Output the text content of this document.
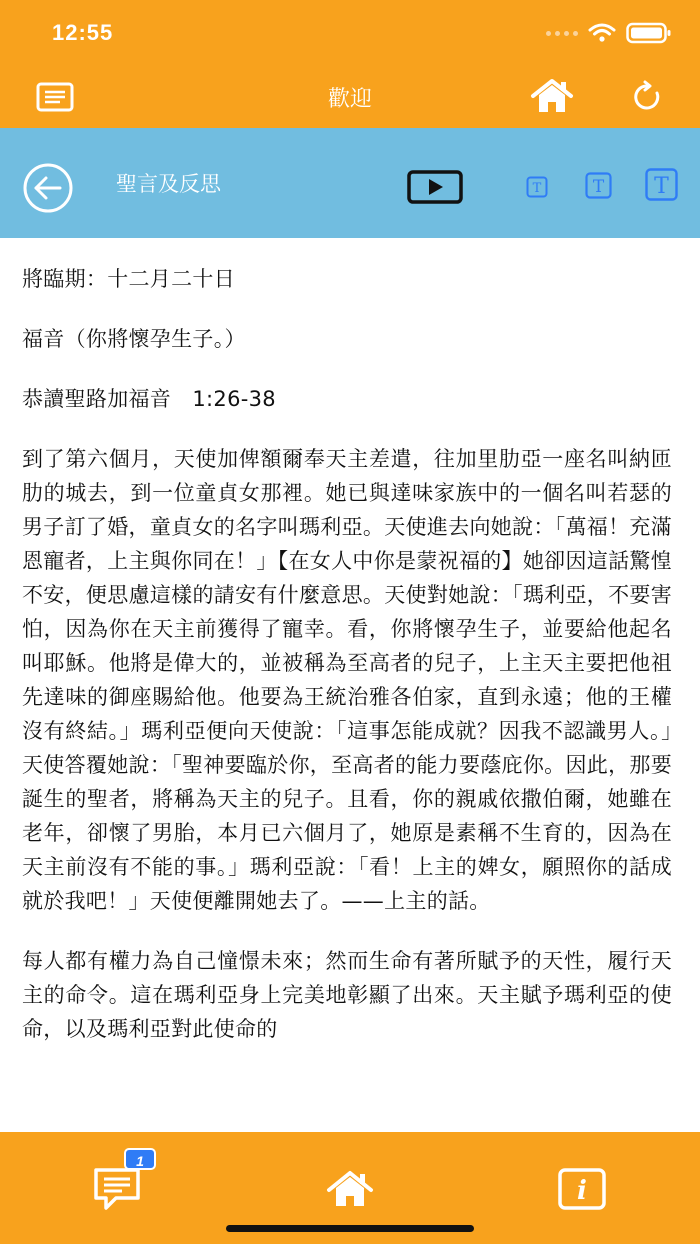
12:55
歡迎
聖言及反思	T	T T

將臨期：十二月二十日

福音（你將懷孕生子。）

恭讀聖路加福音　1:26-38

到了第六個月，天使加俾額爾奉天主差遣，往加里肋亞一座名叫納匝肋的城去，到一位童貞女那裡。她已與達味家族中的一個名叫若瑟的男子訂了婚，童貞女的名字叫瑪利亞。天使進去向她說：「萬福！充滿恩寵者，上主與你同在！」【在女人中你是蒙祝福的】她卻因這話驚惶不安，便思慮這樣的請安有什麼意思。天使對她說：「瑪利亞，不要害怕，因為你在天主前獲得了寵幸。看，你將懷孕生子，並要給他起名叫耶穌。他將是偉大的，並被稱為至高者的兒子，上主天主要把他祖先達味的御座賜給他。他要為王統治雅各伯家，直到永遠；他的王權沒有終結。」瑪利亞便向天使說：「這事怎能成就？因我不認識男人。」天使答覆她說：「聖神要臨於你，至高者的能力要蔭庇你。因此，那要誕生的聖者，將稱為天主的兒子。且看，你的親戚依撒伯爾，她雖在老年，卻懷了男胎，本月已六個月了，她原是素稱不生育的，因為在天主前沒有不能的事。」瑪利亞說：「看！上主的婢女，願照你的話成就於我吧！」天使便離開她去了。——上主的話。

每人都有權力為自己憧憬未來；然而生命有著所賦予的天性，履行天主的命令。這在瑪利亞身上完美地彰顯了出來。天主賦予瑪利亞的使命，以及瑪利亞對此使命的

i
1
